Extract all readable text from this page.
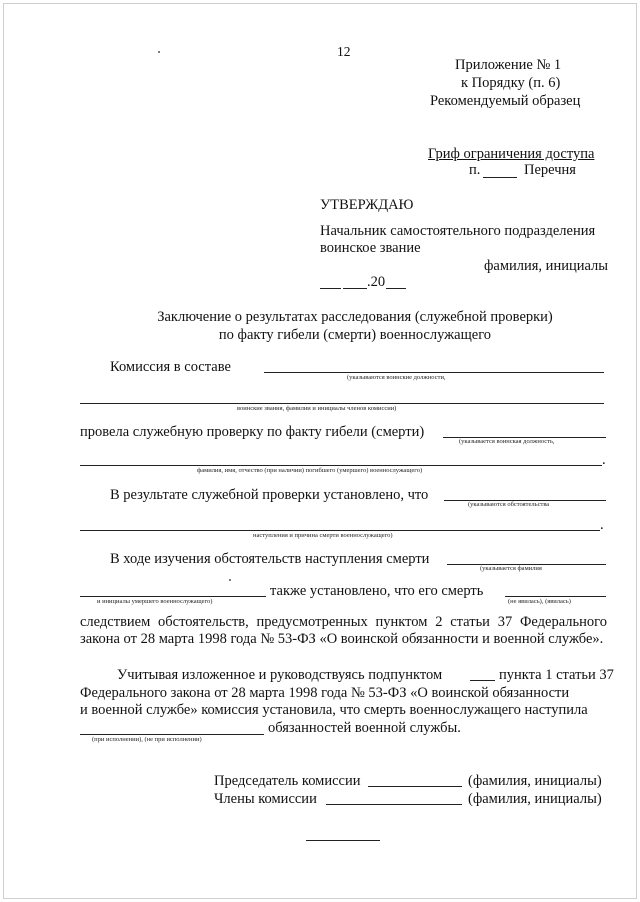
12
Приложение № 1
к Порядку (п. 6)
Рекомендуемый образец
Гриф ограничения доступа
п.	Перечня
УТВЕРЖДАЮ
Начальник самостоятельного подразделения
воинское звание
фамилия, инициалы
.20
Заключение о результатах расследования (служебной проверки)
по факту гибели (смерти) военнослужащего
Комиссия в составе
(указываются воинские должности,
воинские звания, фамилии и инициалы членов комиссии)
провела служебную проверку по факту гибели (смерти)
(указывается воинская должность,
.
фамилия, имя, отчество (при наличии) погибшего (умершего) военнослужащего)
В результате служебной проверки установлено, что
(указываются обстоятельства
.
наступления и причина смерти военнослужащего)
В ходе изучения обстоятельств наступления смерти
(указывается фамилия
и инициалы умершего военнослужащего)
также установлено, что его смерть
(не явилась), (явилась)
следствием обстоятельств, предусмотренных пунктом 2 статьи 37 Федерального закона от 28 марта 1998 года № 53-ФЗ «О воинской обязанности и военной службе».
Учитывая изложенное и руководствуясь подпунктом	пункта 1 статьи 37
Федерального закона от 28 марта 1998 года № 53-ФЗ «О воинской обязанности
и военной службе» комиссия установила, что смерть военнослужащего наступила
(при исполнении), (не при исполнении)
обязанностей военной службы.
Председатель комиссии	(фамилия, инициалы)
Члены комиссии	(фамилия, инициалы)
